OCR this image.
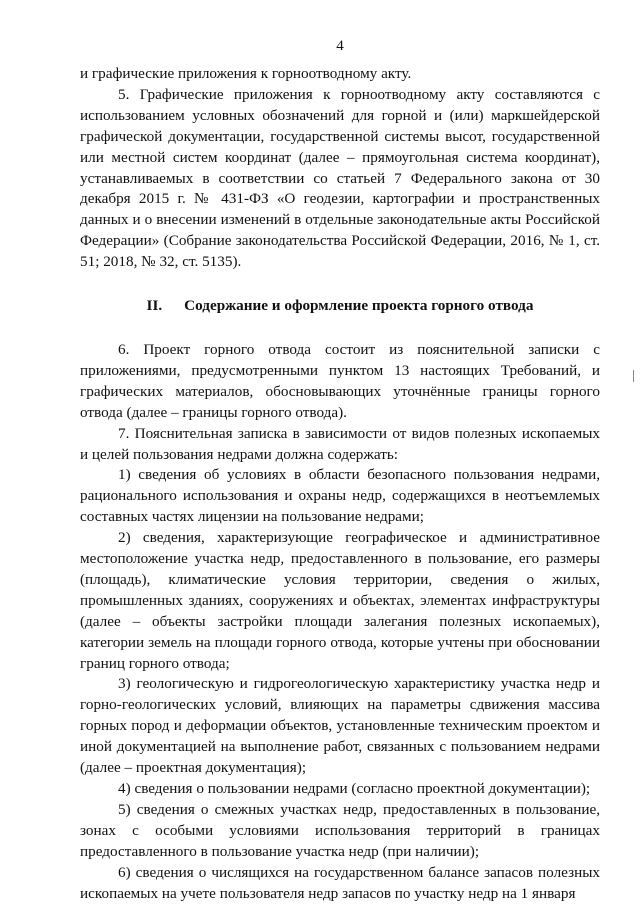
4

и графические приложения к горноотводному акту.

5. Графические приложения к горноотводному акту составляются с использованием условных обозначений для горной и (или) маркшейдерской графической документации, государственной системы высот, государственной или местной систем координат (далее – прямоугольная система координат), устанавливаемых в соответствии со статьей 7 Федерального закона от 30 декабря 2015 г. № 431-ФЗ «О геодезии, картографии и пространственных данных и о внесении изменений в отдельные законодательные акты Российской Федерации» (Собрание законодательства Российской Федерации, 2016, № 1, ст. 51; 2018, № 32, ст. 5135).

II. Содержание и оформление проекта горного отвода

6. Проект горного отвода состоит из пояснительной записки с приложениями, предусмотренными пунктом 13 настоящих Требований, и графических материалов, обосновывающих уточнённые границы горного отвода (далее – границы горного отвода).

7. Пояснительная записка в зависимости от видов полезных ископаемых и целей пользования недрами должна содержать:

1) сведения об условиях в области безопасного пользования недрами, рационального использования и охраны недр, содержащихся в неотъемлемых составных частях лицензии на пользование недрами;

2) сведения, характеризующие географическое и административное местоположение участка недр, предоставленного в пользование, его размеры (площадь), климатические условия территории, сведения о жилых, промышленных зданиях, сооружениях и объектах, элементах инфраструктуры (далее – объекты застройки площади залегания полезных ископаемых), категории земель на площади горного отвода, которые учтены при обосновании границ горного отвода;

3) геологическую и гидрогеологическую характеристику участка недр и горно-геологических условий, влияющих на параметры сдвижения массива горных пород и деформации объектов, установленные техническим проектом и иной документацией на выполнение работ, связанных с пользованием недрами (далее – проектная документация);

4) сведения о пользовании недрами (согласно проектной документации);

5) сведения о смежных участках недр, предоставленных в пользование, зонах с особыми условиями использования территорий в границах предоставленного в пользование участка недр (при наличии);

6) сведения о числящихся на государственном балансе запасов полезных ископаемых на учете пользователя недр запасов по участку недр на 1 января
